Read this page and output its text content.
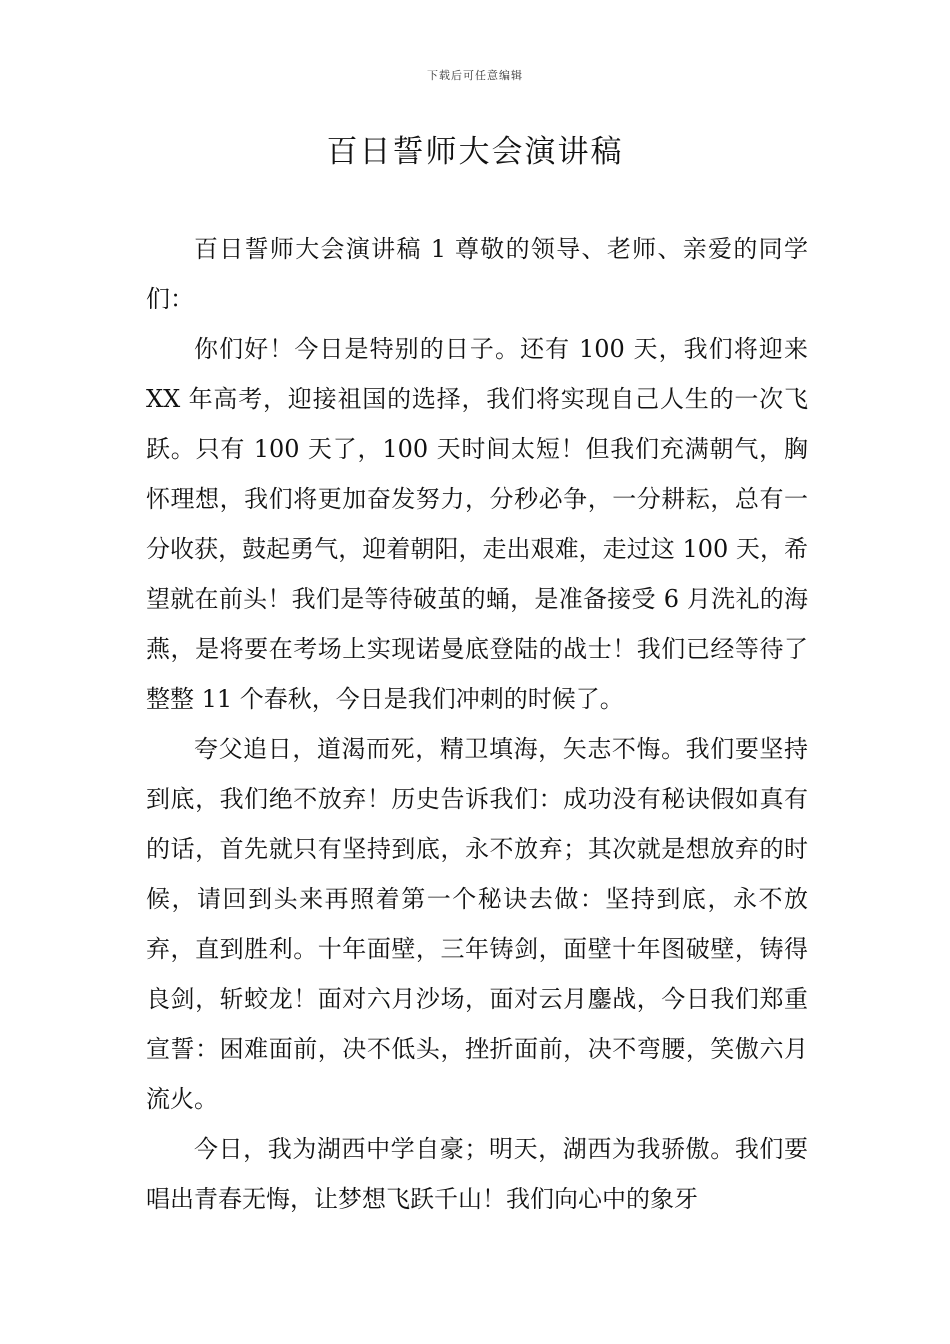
下载后可任意编辑
百日誓师大会演讲稿

百日誓师大会演讲稿 1 尊敬的领导、老师、亲爱的同学们：

你们好！今日是特别的日子。还有 100 天，我们将迎来 XX 年高考，迎接祖国的选择，我们将实现自己人生的一次飞跃。只有 100 天了，100 天时间太短！但我们充满朝气，胸怀理想，我们将更加奋发努力，分秒必争，一分耕耘，总有一分收获，鼓起勇气，迎着朝阳，走出艰难，走过这 100 天，希望就在前头！我们是等待破茧的蛹，是准备接受 6 月洗礼的海燕，是将要在考场上实现诺曼底登陆的战士！我们已经等待了整整 11 个春秋，今日是我们冲刺的时候了。

夸父追日，道渴而死，精卫填海，矢志不悔。我们要坚持到底，我们绝不放弃！历史告诉我们：成功没有秘诀假如真有的话，首先就只有坚持到底，永不放弃；其次就是想放弃的时候，请回到头来再照着第一个秘诀去做：坚持到底，永不放弃，直到胜利。十年面壁，三年铸剑，面壁十年图破壁，铸得良剑，斩蛟龙！面对六月沙场，面对云月鏖战，今日我们郑重宣誓：困难面前，决不低头，挫折面前，决不弯腰，笑傲六月流火。

今日，我为湖西中学自豪；明天，湖西为我骄傲。我们要唱出青春无悔，让梦想飞跃千山！我们向心中的象牙
